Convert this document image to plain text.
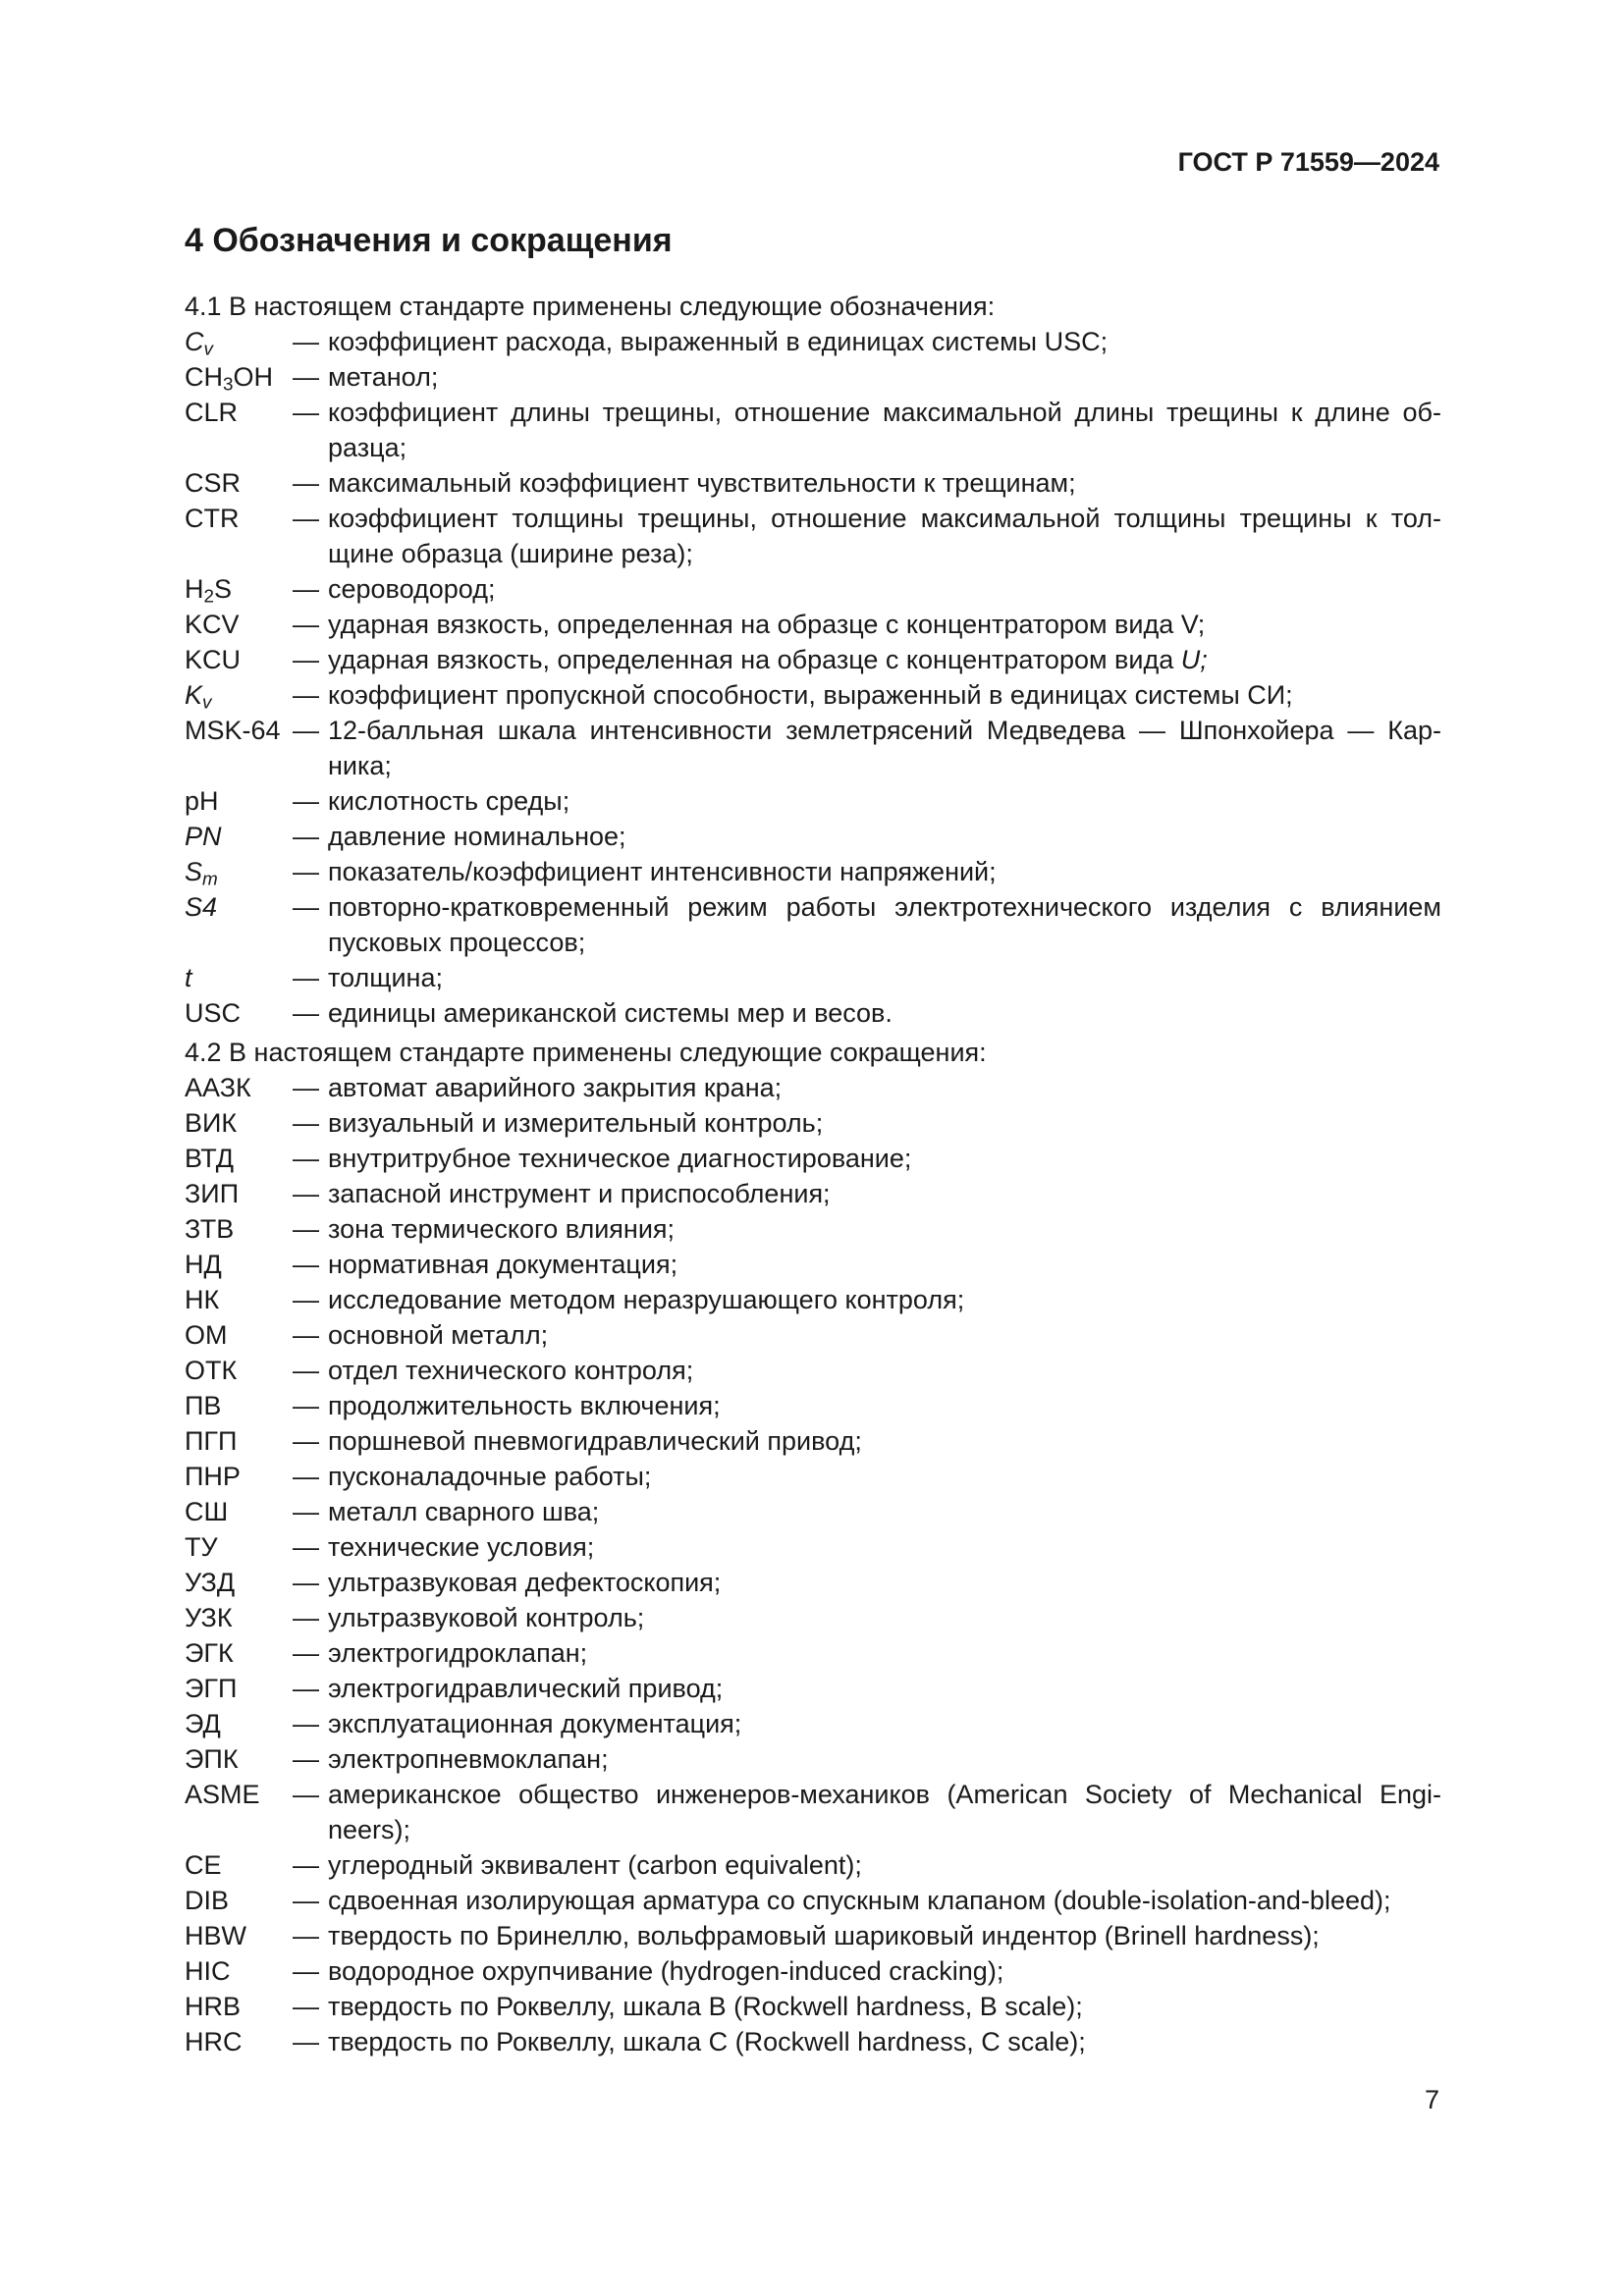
ГОСТ Р 71559—2024
4 Обозначения и сокращения
4.1 В настоящем стандарте применены следующие обозначения:
$C_v$	— коэффициент расхода, выраженный в единицах системы USC;
$CH_3OH$ — метанол;
CLR	— коэффициент длины трещины, отношение максимальной длины трещины к длине об-разца;
CSR	— максимальный коэффициент чувствительности к трещинам;
CTR	— коэффициент толщины трещины, отношение максимальной толщины трещины к тол-щине образца (ширине реза);
$H_2S$	— сероводород;
KCV	— ударная вязкость, определенная на образце с концентратором вида V;
KCU	— ударная вязкость, определенная на образце с концентратором вида U;
$K_v$	— коэффициент пропускной способности, выраженный в единицах системы СИ;
MSK-64 — 12-балльная шкала интенсивности землетрясений Медведева — Шпонхойера — Кар-ника;
pH	— кислотность среды;
PN	— давление номинальное;
$S_m$	— показатель/коэффициент интенсивности напряжений;
S4	— повторно-кратковременный режим работы электротехнического изделия с влиянием пусковых процессов;
t	— толщина;
USC	— единицы американской системы мер и весов.
4.2 В настоящем стандарте применены следующие сокращения:
ААЗК	— автомат аварийного закрытия крана;
ВИК	— визуальный и измерительный контроль;
ВТД	— внутритрубное техническое диагностирование;
ЗИП	— запасной инструмент и приспособления;
ЗТВ	— зона термического влияния;
НД	— нормативная документация;
НК	— исследование методом неразрушающего контроля;
ОМ	— основной металл;
ОТК	— отдел технического контроля;
ПВ	— продолжительность включения;
ПГП	— поршневой пневмогидравлический привод;
ПНР	— пусконаладочные работы;
СШ	— металл сварного шва;
ТУ	— технические условия;
УЗД	— ультразвуковая дефектоскопия;
УЗК	— ультразвуковой контроль;
ЭГК	— электрогидроклапан;
ЭГП	— электрогидравлический привод;
ЭД	— эксплуатационная документация;
ЭПК	— электропневмоклапан;
ASME	— американское общество инженеров-механиков (American Society of Mechanical Engi-neers);
CE	— углеродный эквивалент (carbon equivalent);
DIB	— сдвоенная изолирующая арматура со спускным клапаном (double-isolation-and-bleed);
HBW	— твердость по Бринеллю, вольфрамовый шариковый индентор (Brinell hardness);
HIC	— водородное охрупчивание (hydrogen-induced cracking);
HRB	— твердость по Роквеллу, шкала B (Rockwell hardness, B scale);
HRC	— твердость по Роквеллу, шкала C (Rockwell hardness, C scale);
7
